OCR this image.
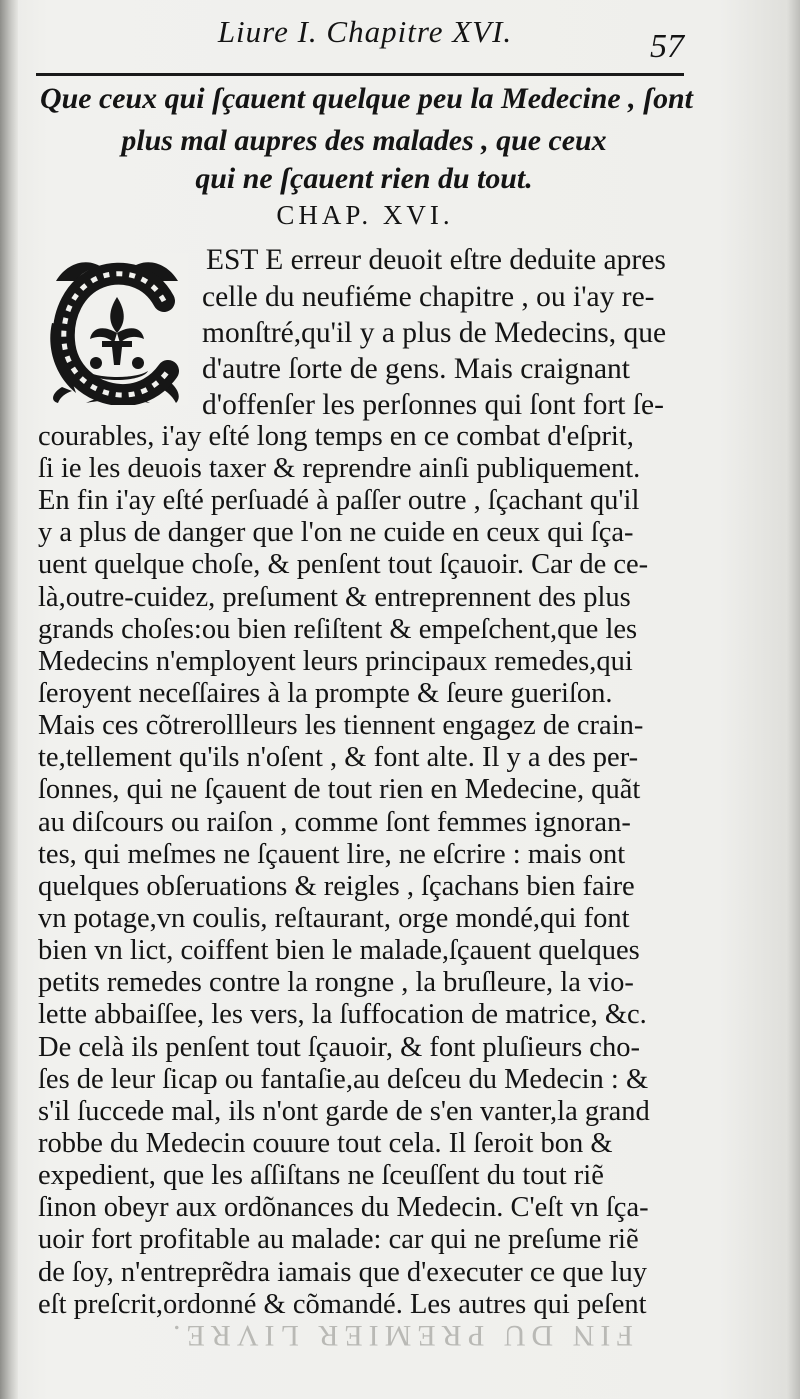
Liure I. Chapitre XVI.	57
Que ceux qui ſçauent quelque peu la Medecine , ſont
plus mal aupres des malades , que ceux
qui ne ſçauent rien du tout.
CHAP. XVI.
EST E erreur deuoit eſtre deduite apres
celle du neufiéme chapitre , ou i'ay re-
monſtré,qu'il y a plus de Medecins, que
d'autre ſorte de gens. Mais craignant
d'offenſer les perſonnes qui ſont fort ſe-
courables, i'ay eſté long temps en ce combat d'eſprit,
ſi ie les deuois taxer & reprendre ainſi publiquement.
En fin i'ay eſté perſuadé à paſſer outre , ſçachant qu'il
y a plus de danger que l'on ne cuide en ceux qui ſça-
uent quelque choſe, & penſent tout ſçauoir. Car de ce-
là,outre-cuidez, preſument & entreprennent des plus
grands choſes:ou bien reſiſtent & empeſchent,que les
Medecins n'employent leurs principaux remedes,qui
ſeroyent neceſſaires à la prompte & ſeure gueriſon.
Mais ces cõtrerollleurs les tiennent engagez de crain-
te,tellement qu'ils n'oſent , & font alte. Il y a des per-
ſonnes, qui ne ſçauent de tout rien en Medecine, quãt
au diſcours ou raiſon , comme ſont femmes ignoran-
tes, qui meſmes ne ſçauent lire, ne eſcrire : mais ont
quelques obſeruations & reigles , ſçachans bien faire
vn potage,vn coulis, reſtaurant, orge mondé,qui font
bien vn lict, coiffent bien le malade,ſçauent quelques
petits remedes contre la rongne , la bruſleure, la vio-
lette abbaiſſee, les vers, la ſuffocation de matrice, &c.
De celà ils penſent tout ſçauoir, & font pluſieurs cho-
ſes de leur ſicap ou fantaſie,au deſceu du Medecin : &
s'il ſuccede mal, ils n'ont garde de s'en vanter,la grand
robbe du Medecin couure tout cela. Il ſeroit bon &
expedient, que les aſſiſtans ne ſceuſſent du tout riẽ
ſinon obeyr aux ordõnances du Medecin. C'eſt vn ſça-
uoir fort profitable au malade: car qui ne preſume riẽ
de ſoy, n'entreprẽdra iamais que d'executer ce que luy
eſt preſcrit,ordonné & cõmandé. Les autres qui peſent
FIN DU PREMIER LIVRE.
